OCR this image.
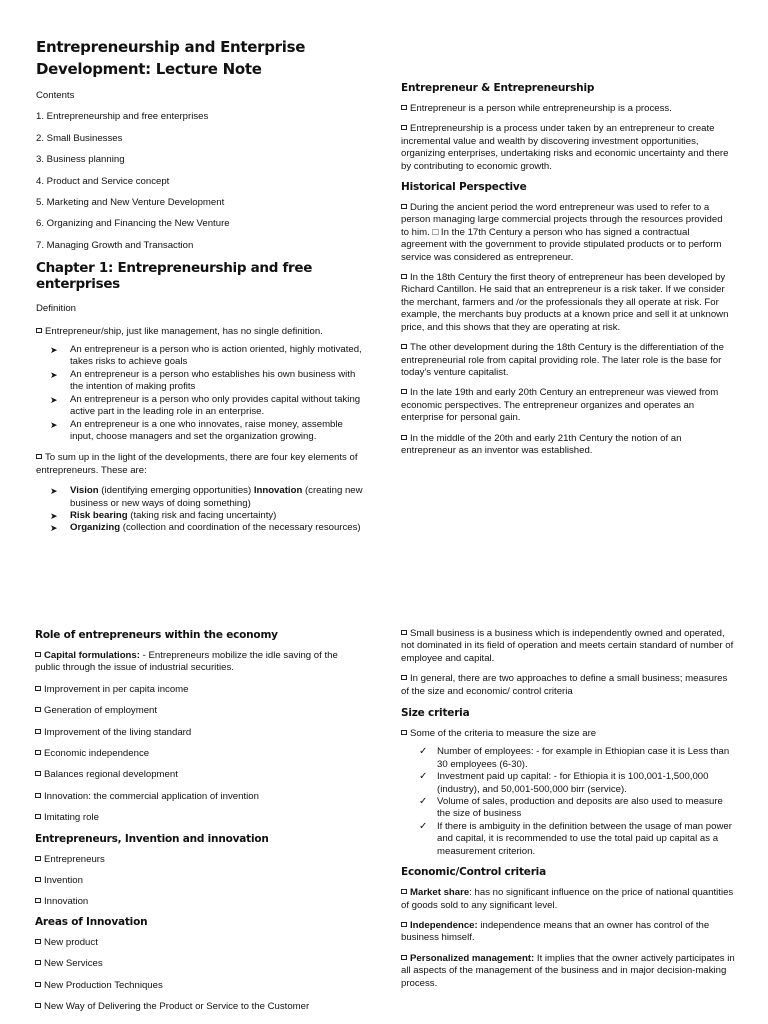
Entrepreneurship and Enterprise
Development: Lecture Note

Contents

1. Entrepreneurship and free enterprises

2. Small Businesses

3. Business planning

4. Product and Service concept

5. Marketing and New Venture Development

6. Organizing and Financing the New Venture

7. Managing Growth and Transaction

Chapter 1: Entrepreneurship and free enterprises

Definition

Entrepreneur/ship, just like management, has no single definition.

➤ An entrepreneur is a person who is action oriented, highly motivated, takes risks to achieve goals
➤ An entrepreneur is a person who establishes his own business with the intention of making profits
➤ An entrepreneur is a person who only provides capital without taking active part in the leading role in an enterprise.
➤ An entrepreneur is a one who innovates, raise money, assemble input, choose managers and set the organization growing.

To sum up in the light of the developments, there are four key elements of entrepreneurs. These are:

➤ Vision (identifying emerging opportunities) Innovation (creating new business or new ways of doing something)
➤ Risk bearing (taking risk and facing uncertainty)
➤ Organizing (collection and coordination of the necessary resources)
Entrepreneur & Entrepreneurship

Entrepreneur is a person while entrepreneurship is a process.

Entrepreneurship is a process under taken by an entrepreneur to create incremental value and wealth by discovering investment opportunities, organizing enterprises, undertaking risks and economic uncertainty and there by contributing to economic growth.

Historical Perspective

During the ancient period the word entrepreneur was used to refer to a person managing large commercial projects through the resources provided to him. □ In the 17th Century a person who has signed a contractual agreement with the government to provide stipulated products or to perform service was considered as entrepreneur.

In the 18th Century the first theory of entrepreneur has been developed by Richard Cantillon. He said that an entrepreneur is a risk taker. If we consider the merchant, farmers and /or the professionals they all operate at risk. For example, the merchants buy products at a known price and sell it at unknown price, and this shows that they are operating at risk.

The other development during the 18th Century is the differentiation of the entrepreneurial role from capital providing role. The later role is the base for today's venture capitalist.

In the late 19th and early 20th Century an entrepreneur was viewed from economic perspectives. The entrepreneur organizes and operates an enterprise for personal gain.

In the middle of the 20th and early 21th Century the notion of an entrepreneur as an inventor was established.

Role of entrepreneurs within the economy

Capital formulations: - Entrepreneurs mobilize the idle saving of the public through the issue of industrial securities.

Improvement in per capita income

Generation of employment

Improvement of the living standard

Economic independence

Balances regional development

Innovation: the commercial application of invention

Imitating role

Entrepreneurs, Invention and innovation

Entrepreneurs

Invention

Innovation

Areas of Innovation

New product

New Services

New Production Techniques

New Way of Delivering the Product or Service to the Customer

Small business is a business which is independently owned and operated, not dominated in its field of operation and meets certain standard of number of employee and capital.

In general, there are two approaches to define a small business; measures of the size and economic/ control criteria

Size criteria

Some of the criteria to measure the size are

✓ Number of employees: - for example in Ethiopian case it is Less than 30 employees (6-30).
✓ Investment paid up capital: - for Ethiopia it is 100,001-1,500,000 (industry), and 50,001-500,000 birr (service).
✓ Volume of sales, production and deposits are also used to measure the size of business
✓ If there is ambiguity in the definition between the usage of man power and capital, it is recommended to use the total paid up capital as a measurement criterion.
Economic/Control criteria

Market share: has no significant influence on the price of national quantities of goods sold to any significant level.

Independence: independence means that an owner has control of the business himself.

Personalized management: It implies that the owner actively participates in all aspects of the management of the business and in major decision-making process.
